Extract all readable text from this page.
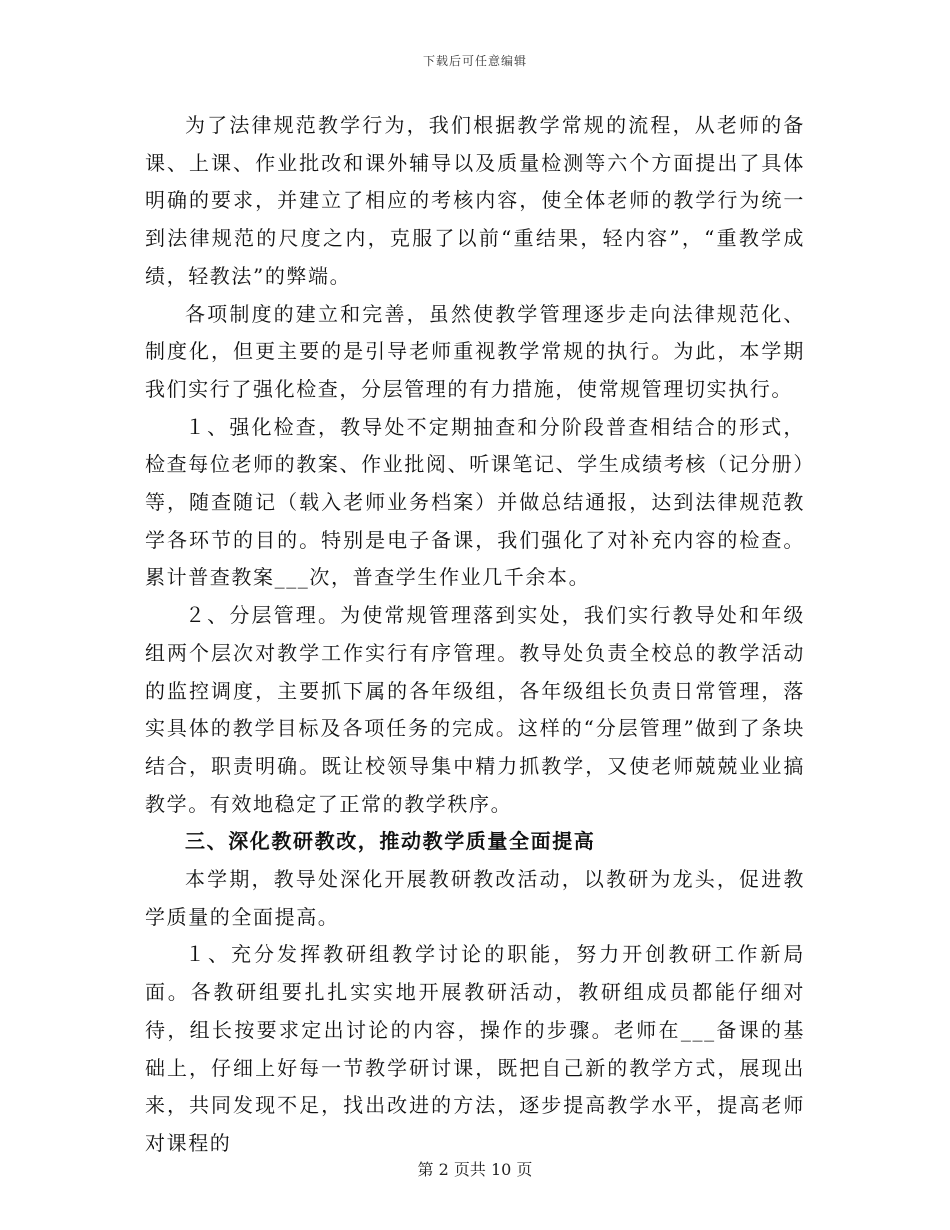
下载后可任意编辑

为了法律规范教学行为，我们根据教学常规的流程，从老师的备课、上课、作业批改和课外辅导以及质量检测等六个方面提出了具体明确的要求，并建立了相应的考核内容，使全体老师的教学行为统一到法律规范的尺度之内，克服了以前“重结果，轻内容”，“重教学成绩，轻教法”的弊端。

各项制度的建立和完善，虽然使教学管理逐步走向法律规范化、制度化，但更主要的是引导老师重视教学常规的执行。为此，本学期我们实行了强化检查，分层管理的有力措施，使常规管理切实执行。

１、强化检查，教导处不定期抽查和分阶段普查相结合的形式，检查每位老师的教案、作业批阅、听课笔记、学生成绩考核（记分册）等，随查随记（载入老师业务档案）并做总结通报，达到法律规范教学各环节的目的。特别是电子备课，我们强化了对补充内容的检查。累计普查教案___次，普查学生作业几千余本。

２、分层管理。为使常规管理落到实处，我们实行教导处和年级组两个层次对教学工作实行有序管理。教导处负责全校总的教学活动的监控调度，主要抓下属的各年级组，各年级组长负责日常管理，落实具体的教学目标及各项任务的完成。这样的“分层管理”做到了条块结合，职责明确。既让校领导集中精力抓教学，又使老师兢兢业业搞教学。有效地稳定了正常的教学秩序。

三、深化教研教改，推动教学质量全面提高

本学期，教导处深化开展教研教改活动，以教研为龙头，促进教学质量的全面提高。

１、充分发挥教研组教学讨论的职能，努力开创教研工作新局面。各教研组要扎扎实实地开展教研活动，教研组成员都能仔细对待，组长按要求定出讨论的内容，操作的步骤。老师在___备课的基础上，仔细上好每一节教学研讨课，既把自己新的教学方式，展现出来，共同发现不足，找出改进的方法，逐步提高教学水平，提高老师对课程的

第 2 页共 10 页
